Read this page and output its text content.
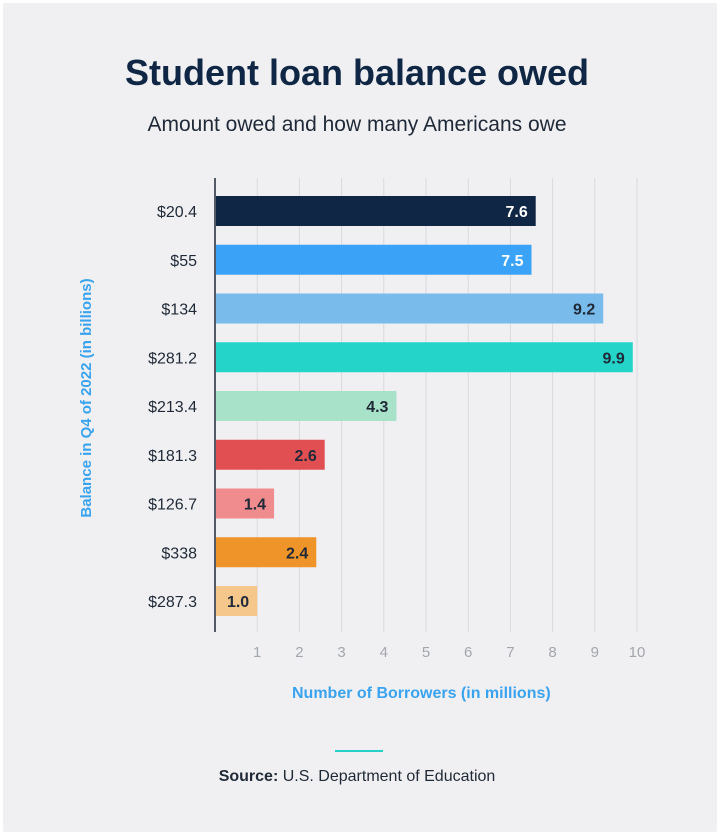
Student loan balance owed
Amount owed and how many Americans owe
7.6
7.5
9.2
9.9
4.3
2.6
1.4
2.4
1.0
1 2 3 4 5 6 7 8 9 10
$20.4
$55
$134
$281.2
$213.4
$181.3
$126.7
$338
$287.3
Balance in Q4 of 2022 (in billions)
Number of Borrowers (in millions)
Source: U.S. Department of Education
